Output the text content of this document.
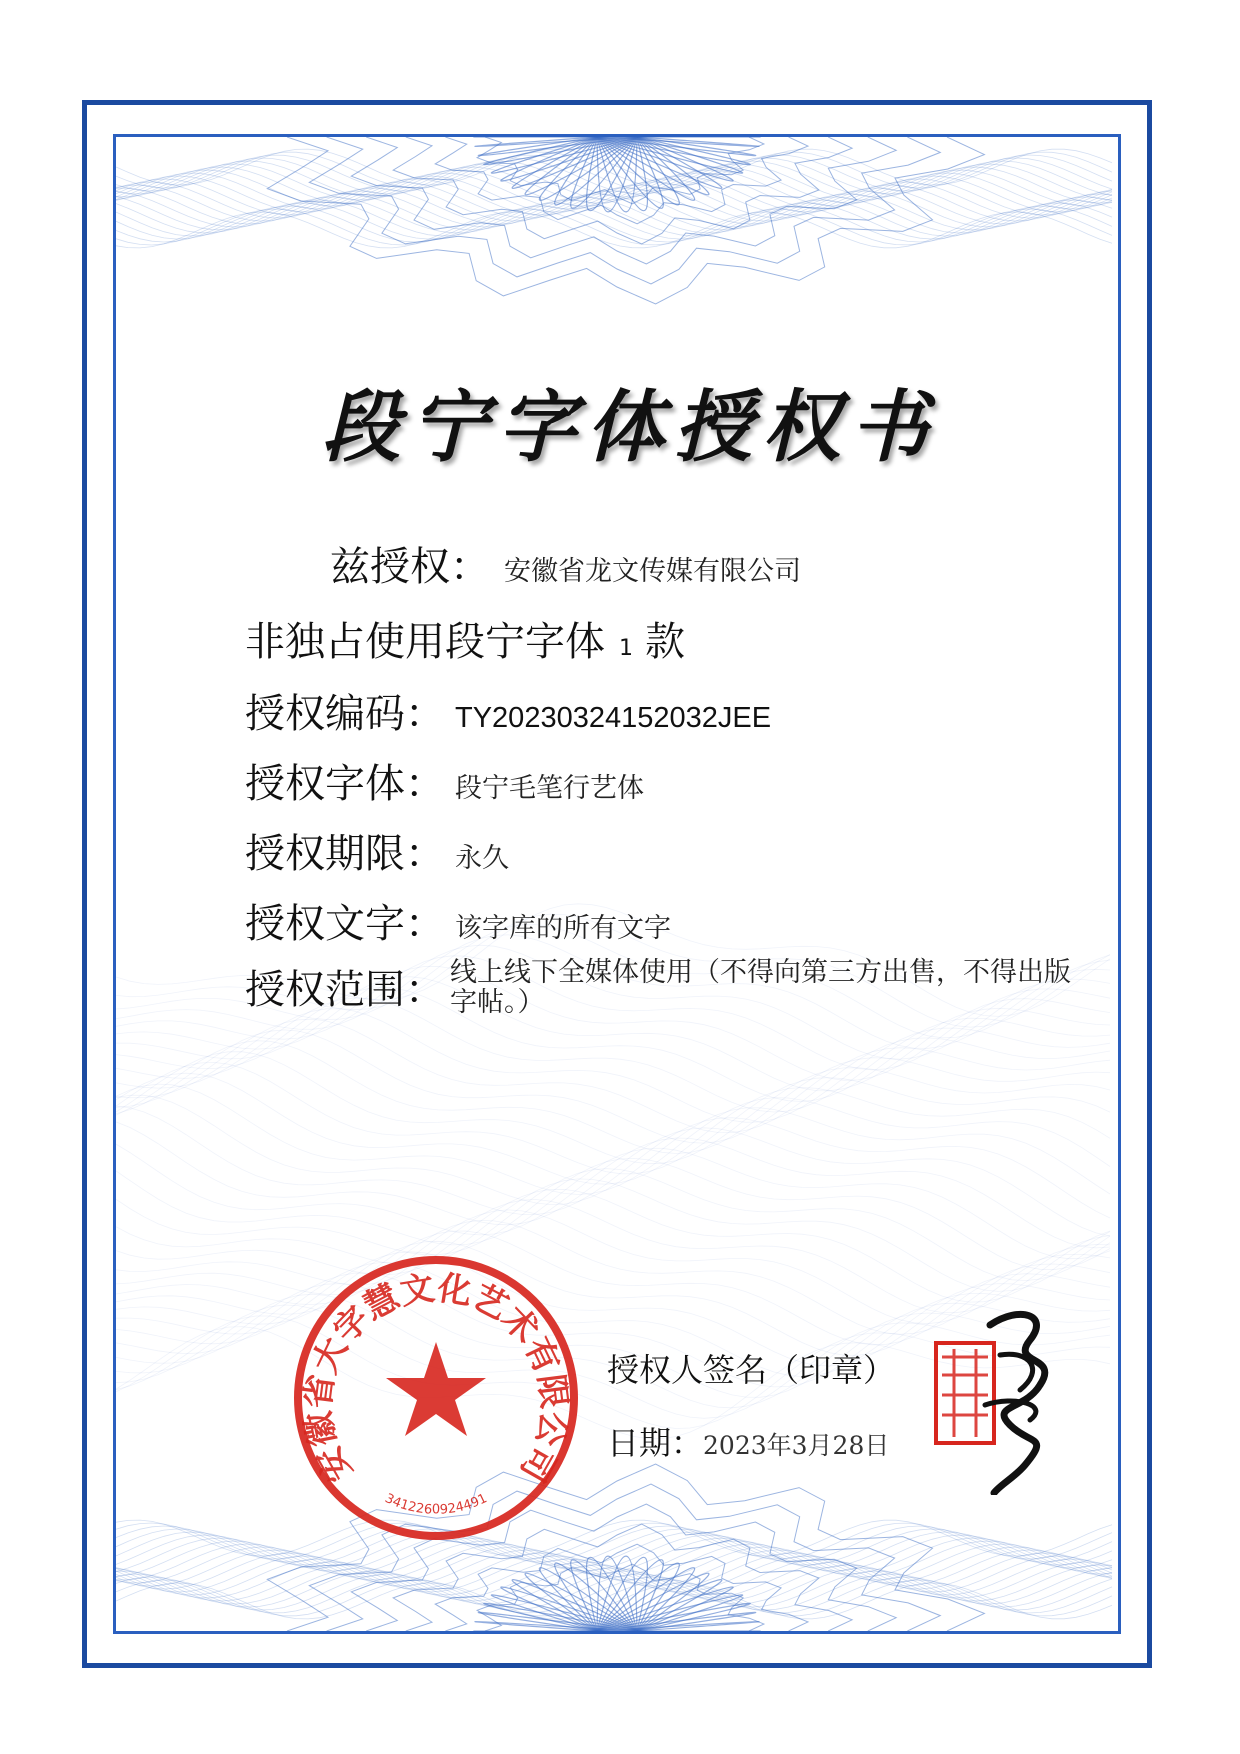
段宁字体授权书
兹授权： 安徽省龙文传媒有限公司
非独占使用段宁字体 1 款
授权编码： TY20230324152032JEE
授权字体： 段宁毛笔行艺体
授权期限： 永久
授权文字： 该字库的所有文字
授权范围： 线上线下全媒体使用（不得向第三方出售，不得出版字帖。）
安徽省大字慧文化艺术有限公司
3412260924491
授权人签名（印章）
日期： 2023年3月28日
